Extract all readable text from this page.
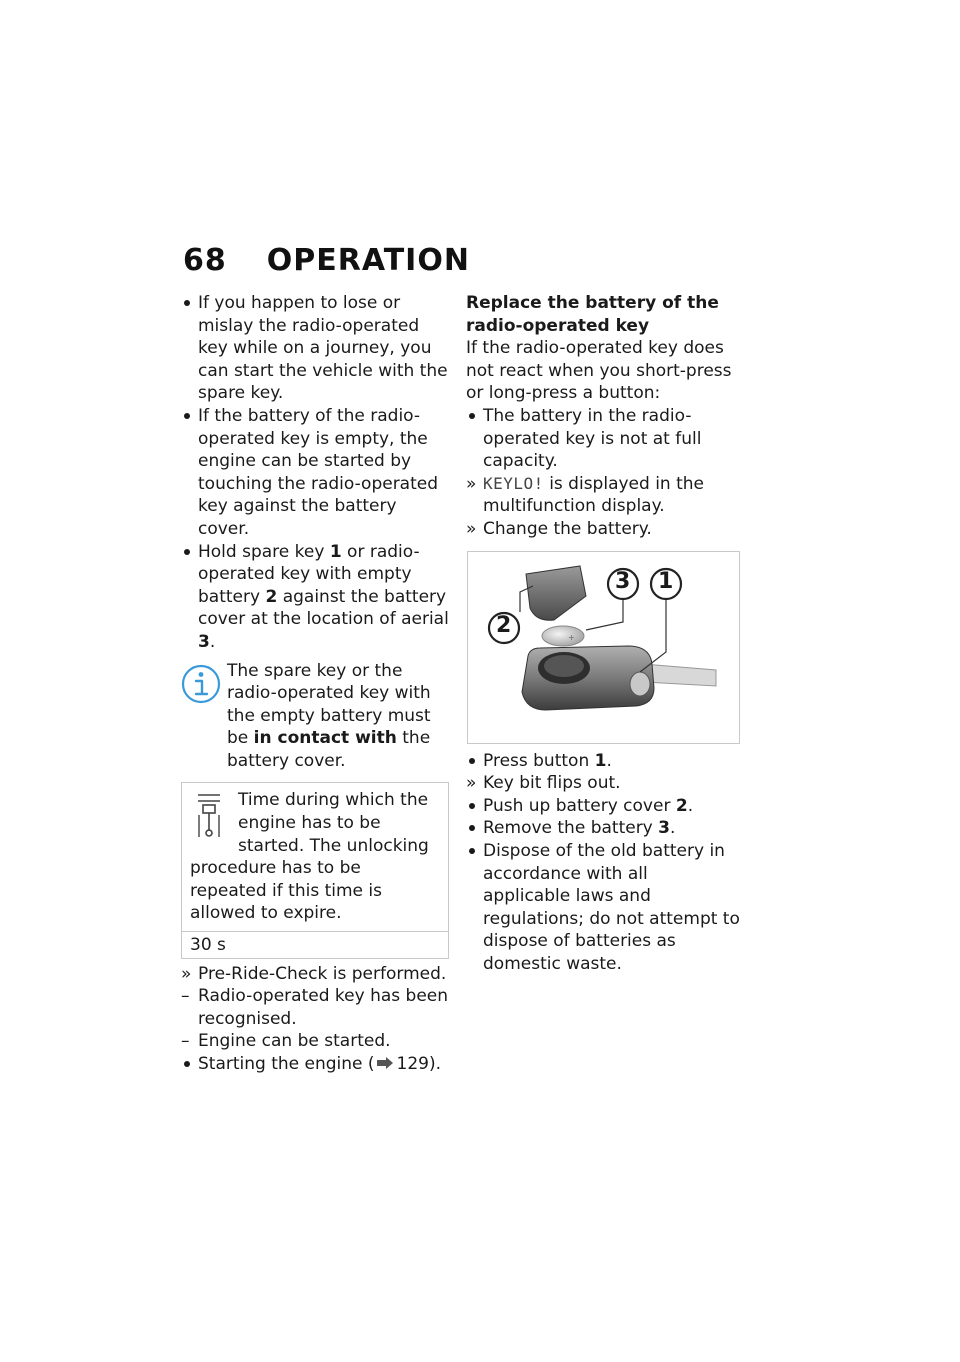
68 OPERATION

If you happen to lose or mislay the radio-operated key while on a journey, you can start the vehicle with the spare key.

If the battery of the radio-operated key is empty, the engine can be started by touching the radio-operated key against the battery cover.

Hold spare key 1 or radio-operated key with empty battery 2 against the battery cover at the location of aerial 3.

The spare key or the radio-operated key with the empty battery must be in contact with the battery cover.
Time during which the engine has to be started. The unlocking procedure has to be repeated if this time is allowed to expire.
30 s

» Pre-Ride-Check is performed.

– Radio-operated key has been recognised.

– Engine can be started.

Starting the engine ( 129).

Replace the battery of the radio-operated key
If the radio-operated key does not react when you short-press or long-press a button:

The battery in the radio-operated key is not at full capacity.

» KEYLO! is displayed in the multifunction display.

» Change the battery.

+
2
3 1

Press button 1.

» Key bit flips out.

Push up battery cover 2.

Remove the battery 3.

Dispose of the old battery in accordance with all applicable laws and regulations; do not attempt to dispose of batteries as domestic waste.
